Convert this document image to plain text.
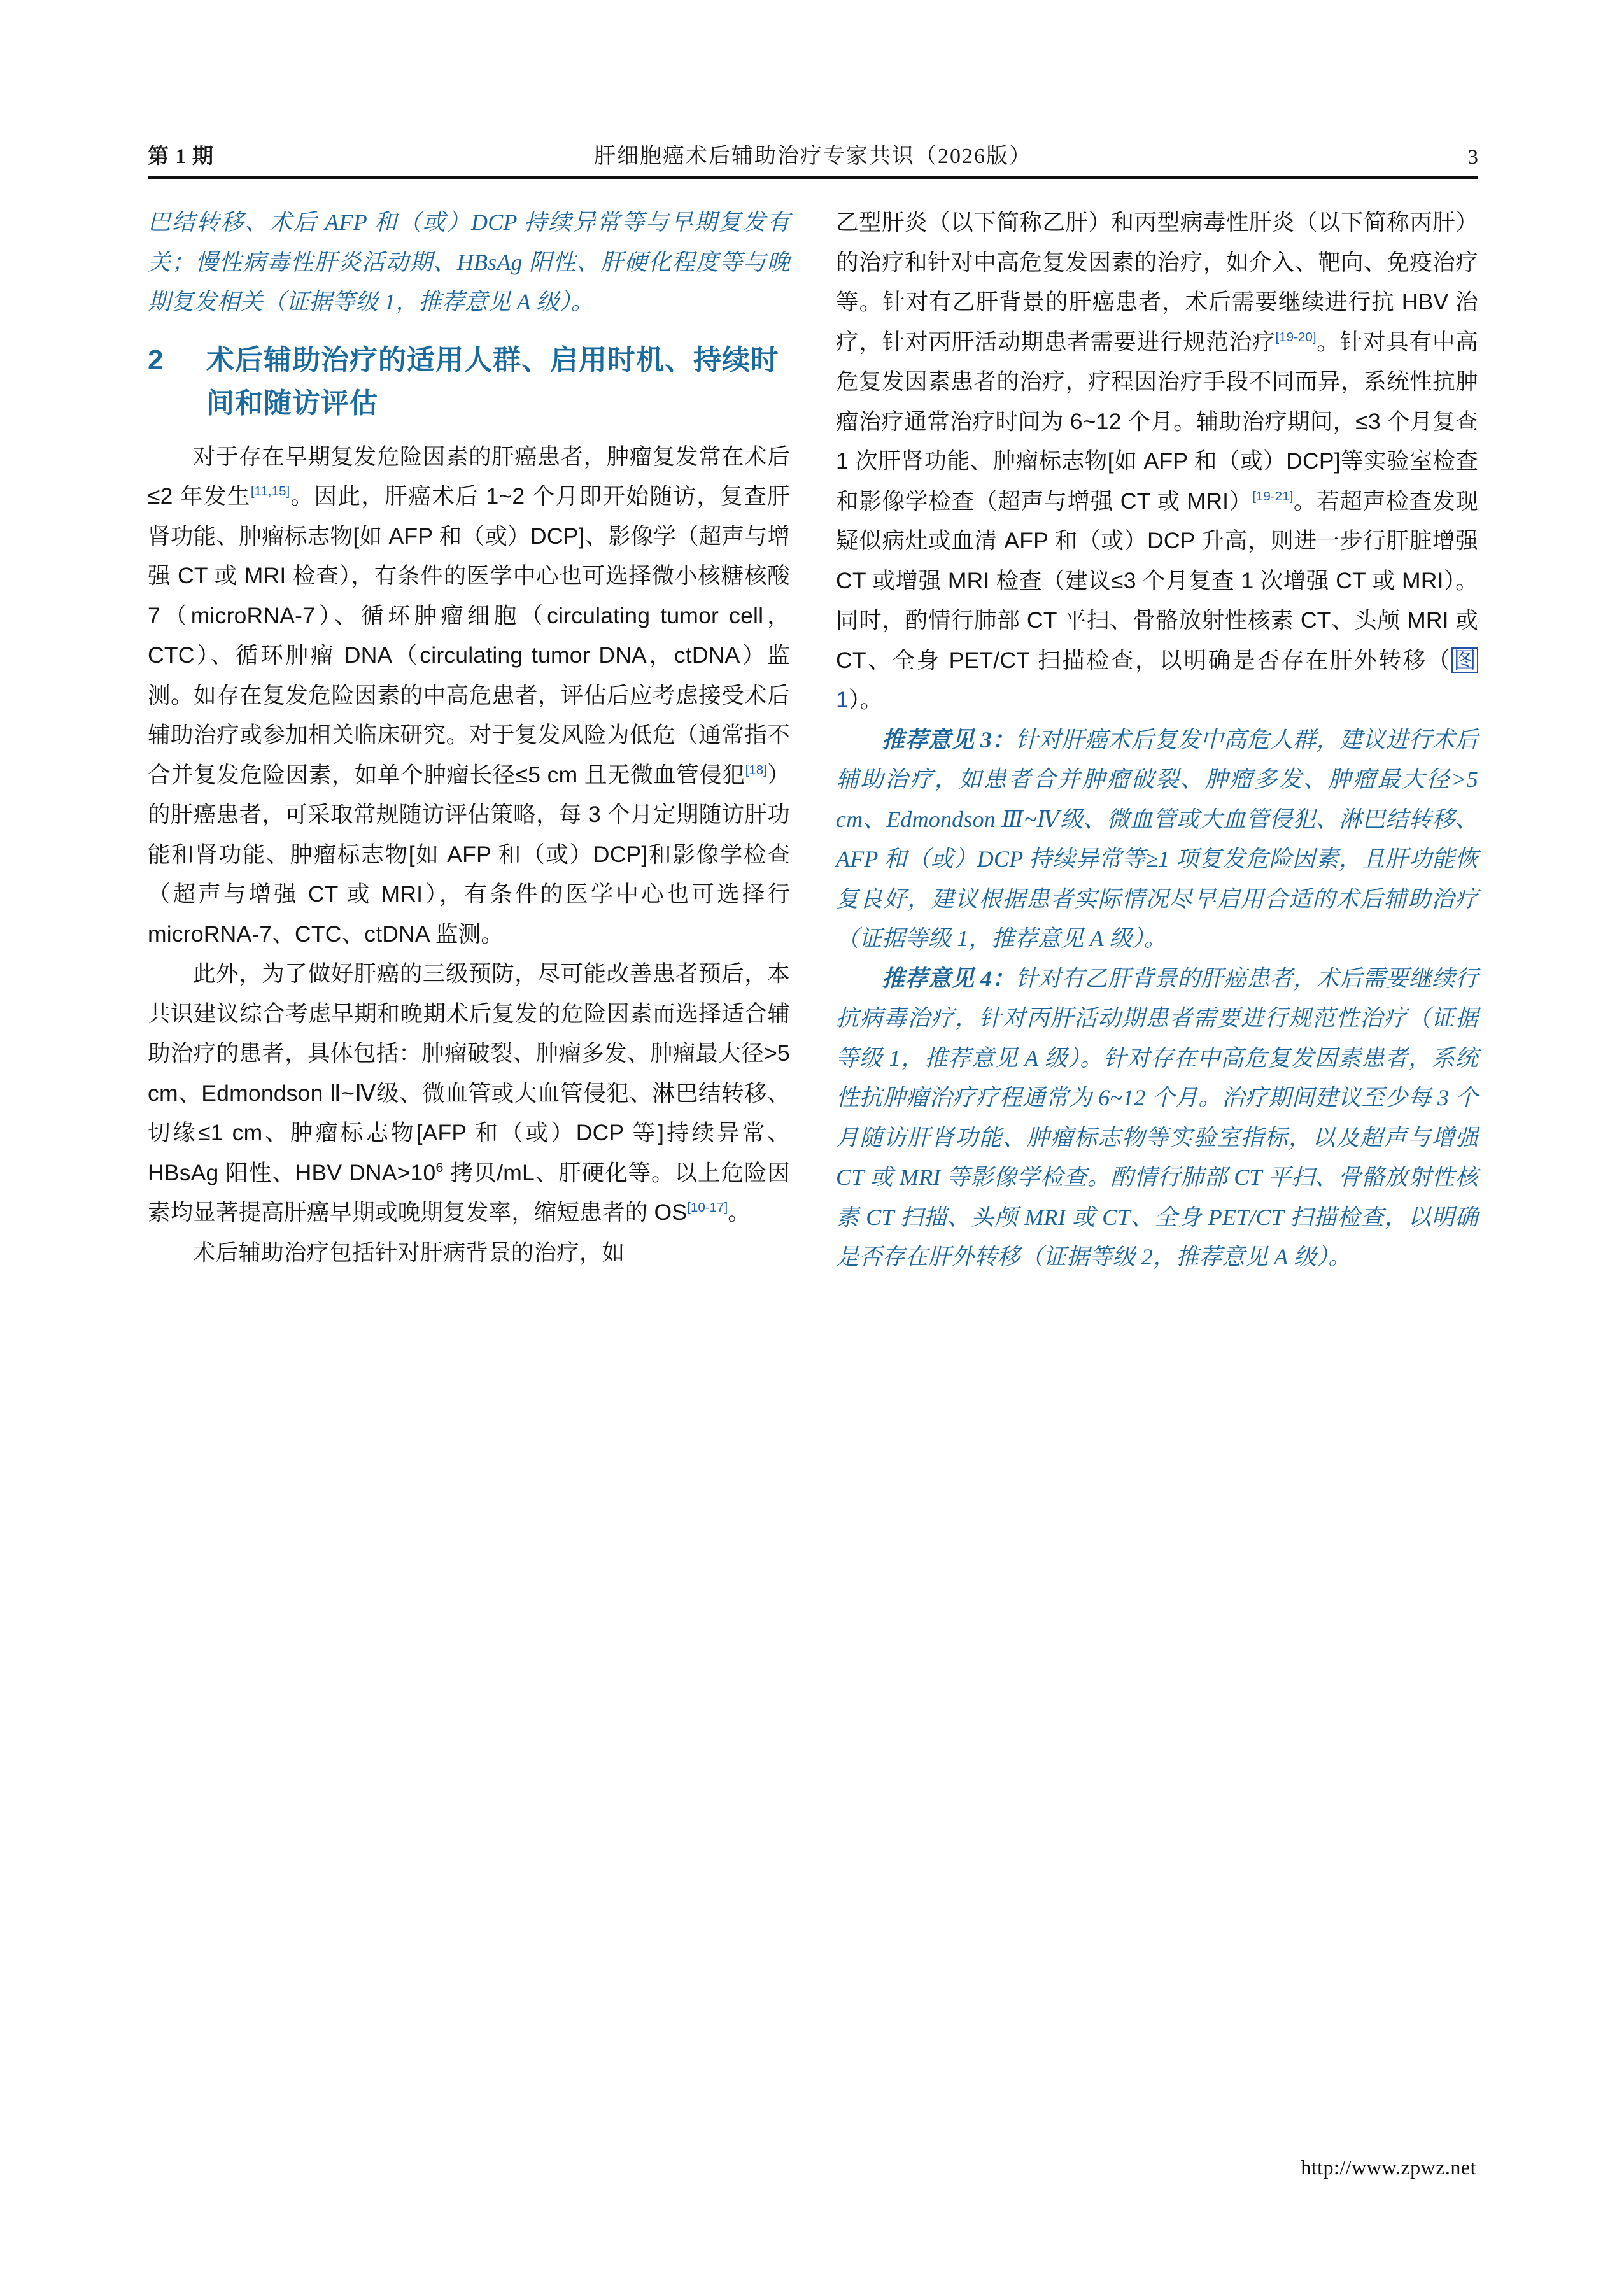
第 1 期	肝细胞癌术后辅助治疗专家共识（2026版）	3

巴结转移、术后 AFP 和（或）DCP 持续异常等与早期复发有关；慢性病毒性肝炎活动期、HBsAg 阳性、肝硬化程度等与晚期复发相关（证据等级 1，推荐意见 A 级）。

2	术后辅助治疗的适用人群、启用时机、持续时间和随访评估

对于存在早期复发危险因素的肝癌患者，肿瘤复发常在术后≤2 年发生[11,15]。因此，肝癌术后 1~2 个月即开始随访，复查肝肾功能、肿瘤标志物[如 AFP 和（或）DCP]、影像学（超声与增强 CT 或 MRI 检查），有条件的医学中心也可选择微小核糖核酸 7（microRNA-7）、循环肿瘤细胞（circulating tumor cell，CTC）、循环肿瘤 DNA（circulating tumor DNA，ctDNA）监测。如存在复发危险因素的中高危患者，评估后应考虑接受术后辅助治疗或参加相关临床研究。对于复发风险为低危（通常指不合并复发危险因素，如单个肿瘤长径≤5 cm 且无微血管侵犯[18]）的肝癌患者，可采取常规随访评估策略，每 3 个月定期随访肝功能和肾功能、肿瘤标志物[如 AFP 和（或）DCP]和影像学检查（超声与增强 CT 或 MRI），有条件的医学中心也可选择行 microRNA-7、CTC、ctDNA 监测。

此外，为了做好肝癌的三级预防，尽可能改善患者预后，本共识建议综合考虑早期和晚期术后复发的危险因素而选择适合辅助治疗的患者，具体包括：肿瘤破裂、肿瘤多发、肿瘤最大径>5 cm、Edmondson Ⅱ~Ⅳ级、微血管或大血管侵犯、淋巴结转移、切缘≤1 cm、肿瘤标志物[AFP 和（或）DCP 等]持续异常、HBsAg 阳性、HBV $DNA>10^6$ 拷贝/mL、肝硬化等。以上危险因素均显著提高肝癌早期或晚期复发率，缩短患者的 OS[10-17]。

术后辅助治疗包括针对肝病背景的治疗，如

乙型肝炎（以下简称乙肝）和丙型病毒性肝炎（以下简称丙肝）的治疗和针对中高危复发因素的治疗，如介入、靶向、免疫治疗等。针对有乙肝背景的肝癌患者，术后需要继续进行抗 HBV 治疗，针对丙肝活动期患者需要进行规范治疗[19-20]。针对具有中高危复发因素患者的治疗，疗程因治疗手段不同而异，系统性抗肿瘤治疗通常治疗时间为 6~12 个月。辅助治疗期间，≤3 个月复查 1 次肝肾功能、肿瘤标志物[如 AFP 和（或）DCP]等实验室检查和影像学检查（超声与增强 CT 或 MRI）[19-21]。若超声检查发现疑似病灶或血清 AFP 和（或）DCP 升高，则进一步行肝脏增强 CT 或增强 MRI 检查（建议≤3 个月复查 1 次增强 CT 或 MRI）。同时，酌情行肺部 CT 平扫、骨骼放射性核素 CT、头颅 MRI 或 CT、全身 PET/CT 扫描检查，以明确是否存在肝外转移（图1）。

推荐意见 3：针对肝癌术后复发中高危人群，建议进行术后辅助治疗，如患者合并肿瘤破裂、肿瘤多发、肿瘤最大径>5 cm、Edmondson Ⅲ~Ⅳ级、微血管或大血管侵犯、淋巴结转移、AFP 和（或）DCP 持续异常等≥1 项复发危险因素，且肝功能恢复良好，建议根据患者实际情况尽早启用合适的术后辅助治疗（证据等级 1，推荐意见 A 级）。

推荐意见 4：针对有乙肝背景的肝癌患者，术后需要继续行抗病毒治疗，针对丙肝活动期患者需要进行规范性治疗（证据等级 1，推荐意见 A 级）。针对存在中高危复发因素患者，系统性抗肿瘤治疗疗程通常为 6~12 个月。治疗期间建议至少每 3 个月随访肝肾功能、肿瘤标志物等实验室指标，以及超声与增强 CT 或 MRI 等影像学检查。酌情行肺部 CT 平扫、骨骼放射性核素 CT 扫描、头颅 MRI 或 CT、全身 PET/CT 扫描检查，以明确是否存在肝外转移（证据等级 2，推荐意见 A 级）。

http://www.zpwz.net
